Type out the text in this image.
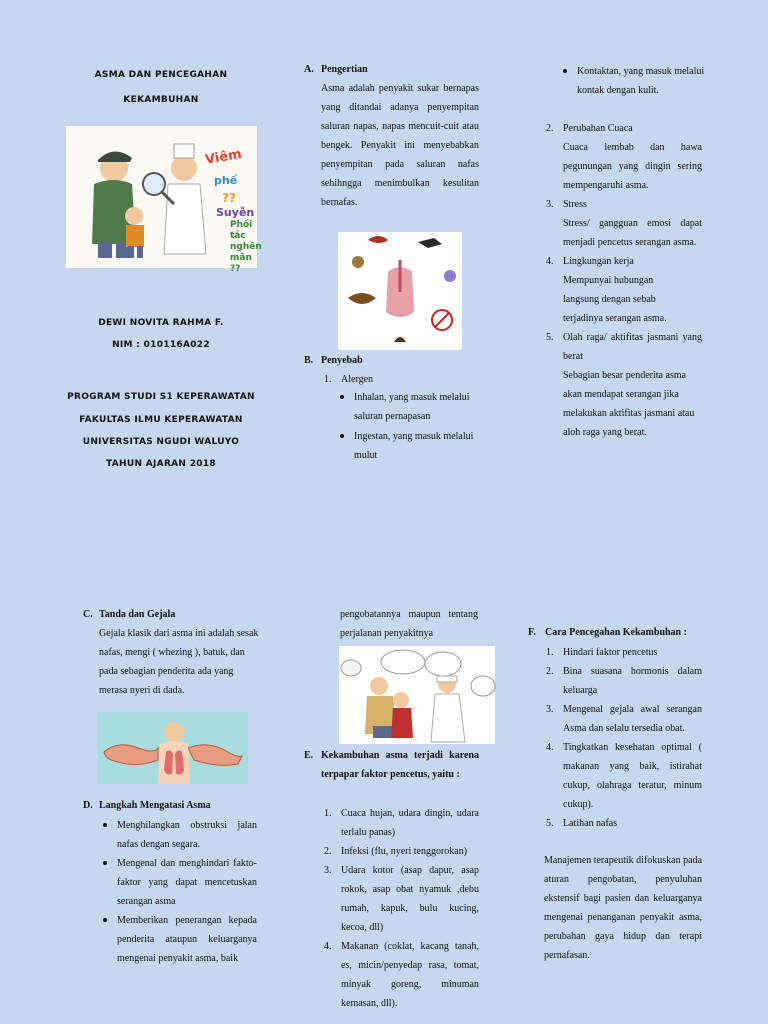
ASMA DAN PENCEGAHAN
KEKAMBUHAN
Viêm
phế
??
Suyễn
Phối tắc nghẽn mãn ??
DEWI NOVITA RAHMA F.
NIM : 010116A022
PROGRAM STUDI S1 KEPERAWATAN
FAKULTAS ILMU KEPERAWATAN
UNIVERSITAS NGUDI WALUYO
TAHUN AJARAN 2018
A. Pengertian
Asma adalah penyakit sukar bernapas yang ditandai adanya penyempitan saluran napas, napas mencuit-cuit atau bengek. Penyakit ini menyebabkan penyempitan pada saluran nafas sehihngga menimbulkan kesulitan bernafas.
B. Penyebab
1. Alergen
Inhalan, yang masuk melalui saluran pernapasan
Ingestan, yang masuk melalui mulut
Kontaktan, yang masuk melalui kontak dengan kulit.
2. Perubahan Cuaca
Cuaca lembab dan hawa pegunungan yang dingin sering mempengaruhi asma.
3. Stress
Stress/ gangguan emosi dapat menjadi pencetus serangan asma.
4. Lingkungan kerja
Mempunyai hubungan langsung dengan sebab terjadinya serangan asma.
5. Olah raga/ aktifitas jasmani yang berat
Sebagian besar penderita asma akan mendapat serangan jika melakukan aktifitas jasmani atau aloh raga yang berat.
C. Tanda dan Gejala
Gejala klasik dari asma ini adalah sesak nafas, mengi ( whezing ), batuk, dan pada sebagian penderita ada yang merasa nyeri di dada.
D. Langkah Mengatasi Asma
Menghilangkan obstruksi jalan nafas dengan segara.
Mengenal dan menghindari fakto-faktor yang dapat mencetuskan serangan asma
Memberikan penerangan kepada penderita ataupun keluarganya mengenai penyakit asma, baik
pengobatannya maupun tentang perjalanan penyakitnya
E. Kekambuhan asma terjadi karena terpapar faktor pencetus, yaitu :
1. Cuaca hujan, udara dingin, udara terlalu panas)
2. Infeksi (flu, nyeri tenggorokan)
3. Udara kotor (asap dapur, asap rokok, asap obat nyamuk ,debu rumah, kapuk, bulu kucing, kecoa, dll)
4. Makanan (coklat, kacang tanah, es, micin/penyedap rasa, tomat, minyak goreng, minuman kemasan, dll).
F. Cara Pencegahan Kekambuhan :
1. Hindari faktor pencetus
2. Bina suasana hormonis dalam keluarga
3. Mengenal gejala awal serangan Asma dan selalu tersedia obat.
4. Tingkatkan kesehatan optimal ( makanan yang baik, istirahat cukup, olahraga teratur, minum cukup).
5. Latihan nafas
Manajemen terapeutik difokuskan pada aturan pengobatan, penyuluhan ekstensif bagi pasien dan keluarganya mengenai penanganan penyakit asma, perubahan gaya hidup dan terapi pernafasan.
